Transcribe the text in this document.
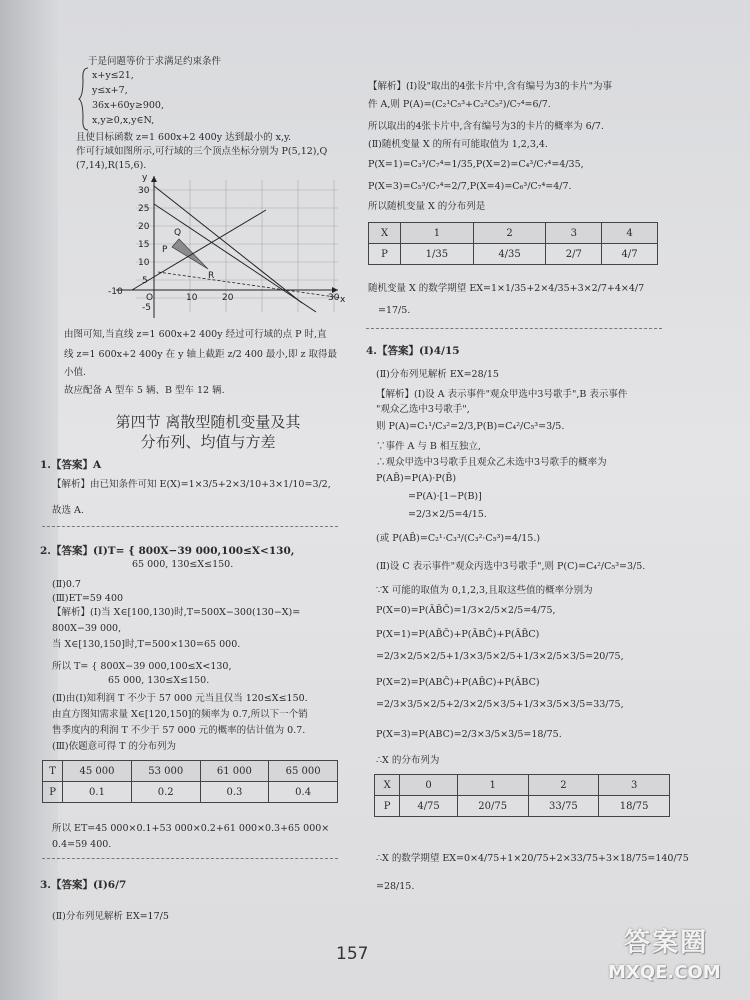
于是问题等价于求满足约束条件
x+y≤21,
y≤x+7,
36x+60y≥900,
x,y≥0,x,y∈N,
且使目标函数 z=1 600x+2 400y 达到最小的 x,y.
作可行域如图所示,可行域的三个顶点坐标分别为 P(5,12),Q
(7,14),R(15,6).
y
x
30
25
20
15
10
5
-10
O	10	20	30
-5
P
Q
R
由图可知,当直线 z=1 600x+2 400y 经过可行域的点 P 时,直
线 z=1 600x+2 400y 在 y 轴上截距 z/2 400 最小,即 z 取得最
小值.
故应配备 A 型车 5 辆、B 型车 12 辆.
1.【答案】A
【解析】由已知条件可知 E(X)=1×3/5+2×3/10+3×1/10=3/2,
故选 A.
2.【答案】(Ⅰ)T= { 800X−39 000,100≤X<130,
65 000, 130≤X≤150.
(Ⅱ)0.7
(Ⅲ)ET=59 400
【解析】(Ⅰ)当 X∈[100,130)时,T=500X−300(130−X)=
800X−39 000,
当 X∈[130,150]时,T=500×130=65 000.
所以 T= { 800X−39 000,100≤X<130,
65 000, 130≤X≤150.
(Ⅱ)由(Ⅰ)知利润 T 不少于 57 000 元当且仅当 120≤X≤150.
由直方图知需求量 X∈[120,150]的频率为 0.7,所以下一个销
售季度内的利润 T 不少于 57 000 元的概率的估计值为 0.7.
(Ⅲ)依题意可得 T 的分布列为
T	45 000	53 000	61 000	65 000
P	0.1	0.2	0.3	0.4
所以 ET=45 000×0.1+53 000×0.2+61 000×0.3+65 000×
0.4=59 400.
3.【答案】(Ⅰ)6/7
(Ⅱ)分布列见解析 EX=17/5
第四节 离散型随机变量及其
分布列、均值与方差
【解析】(Ⅰ)设"取出的4张卡片中,含有编号为3的卡片"为事
件 A,则 P(A)=(C₂¹C₅³+C₂²C₅²)/C₇⁴=6/7.
所以取出的4张卡片中,含有编号为3的卡片的概率为 6/7.
(Ⅱ)随机变量 X 的所有可能取值为 1,2,3,4.
P(X=1)=C₃³/C₇⁴=1/35,P(X=2)=C₄³/C₇⁴=4/35,
P(X=3)=C₅³/C₇⁴=2/7,P(X=4)=C₆³/C₇⁴=4/7.
所以随机变量 X 的分布列是
X	1	2	3	4
P	1/35	4/35	2/7	4/7
随机变量 X 的数学期望 EX=1×1/35+2×4/35+3×2/7+4×4/7
=17/5.
4.【答案】(Ⅰ)4/15
(Ⅱ)分布列见解析 EX=28/15
【解析】(Ⅰ)设 A 表示事件"观众甲选中3号歌手",B 表示事件
"观众乙选中3号歌手",
则 P(A)=C₁¹/C₃²=2/3,P(B)=C₄²/C₅³=3/5.
∵事件 A 与 B 相互独立,
∴观众甲选中3号歌手且观众乙未选中3号歌手的概率为
P(AB̄)=P(A)·P(B̄)
=P(A)·[1−P(B)]
=2/3×2/5=4/15.
(或 P(AB̄)=C₂¹·C₃³/(C₃²·C₅³)=4/15.)
(Ⅱ)设 C 表示事件"观众丙选中3号歌手",则 P(C)=C₄²/C₅³=3/5.
∵X 可能的取值为 0,1,2,3,且取这些值的概率分别为
P(X=0)=P(ĀB̄C̄)=1/3×2/5×2/5=4/75,
P(X=1)=P(AB̄C̄)+P(ĀBC̄)+P(ĀB̄C)
=2/3×2/5×2/5+1/3×3/5×2/5+1/3×2/5×3/5=20/75,
P(X=2)=P(ABC̄)+P(AB̄C)+P(ĀBC)
=2/3×3/5×2/5+2/3×2/5×3/5+1/3×3/5×3/5=33/75,
P(X=3)=P(ABC)=2/3×3/5×3/5=18/75.
∴X 的分布列为
X	0	1	2	3
P	4/75	20/75	33/75	18/75
∴X 的数学期望 EX=0×4/75+1×20/75+2×33/75+3×18/75=140/75
=28/15.
157	答案圈
MXQE.COM
